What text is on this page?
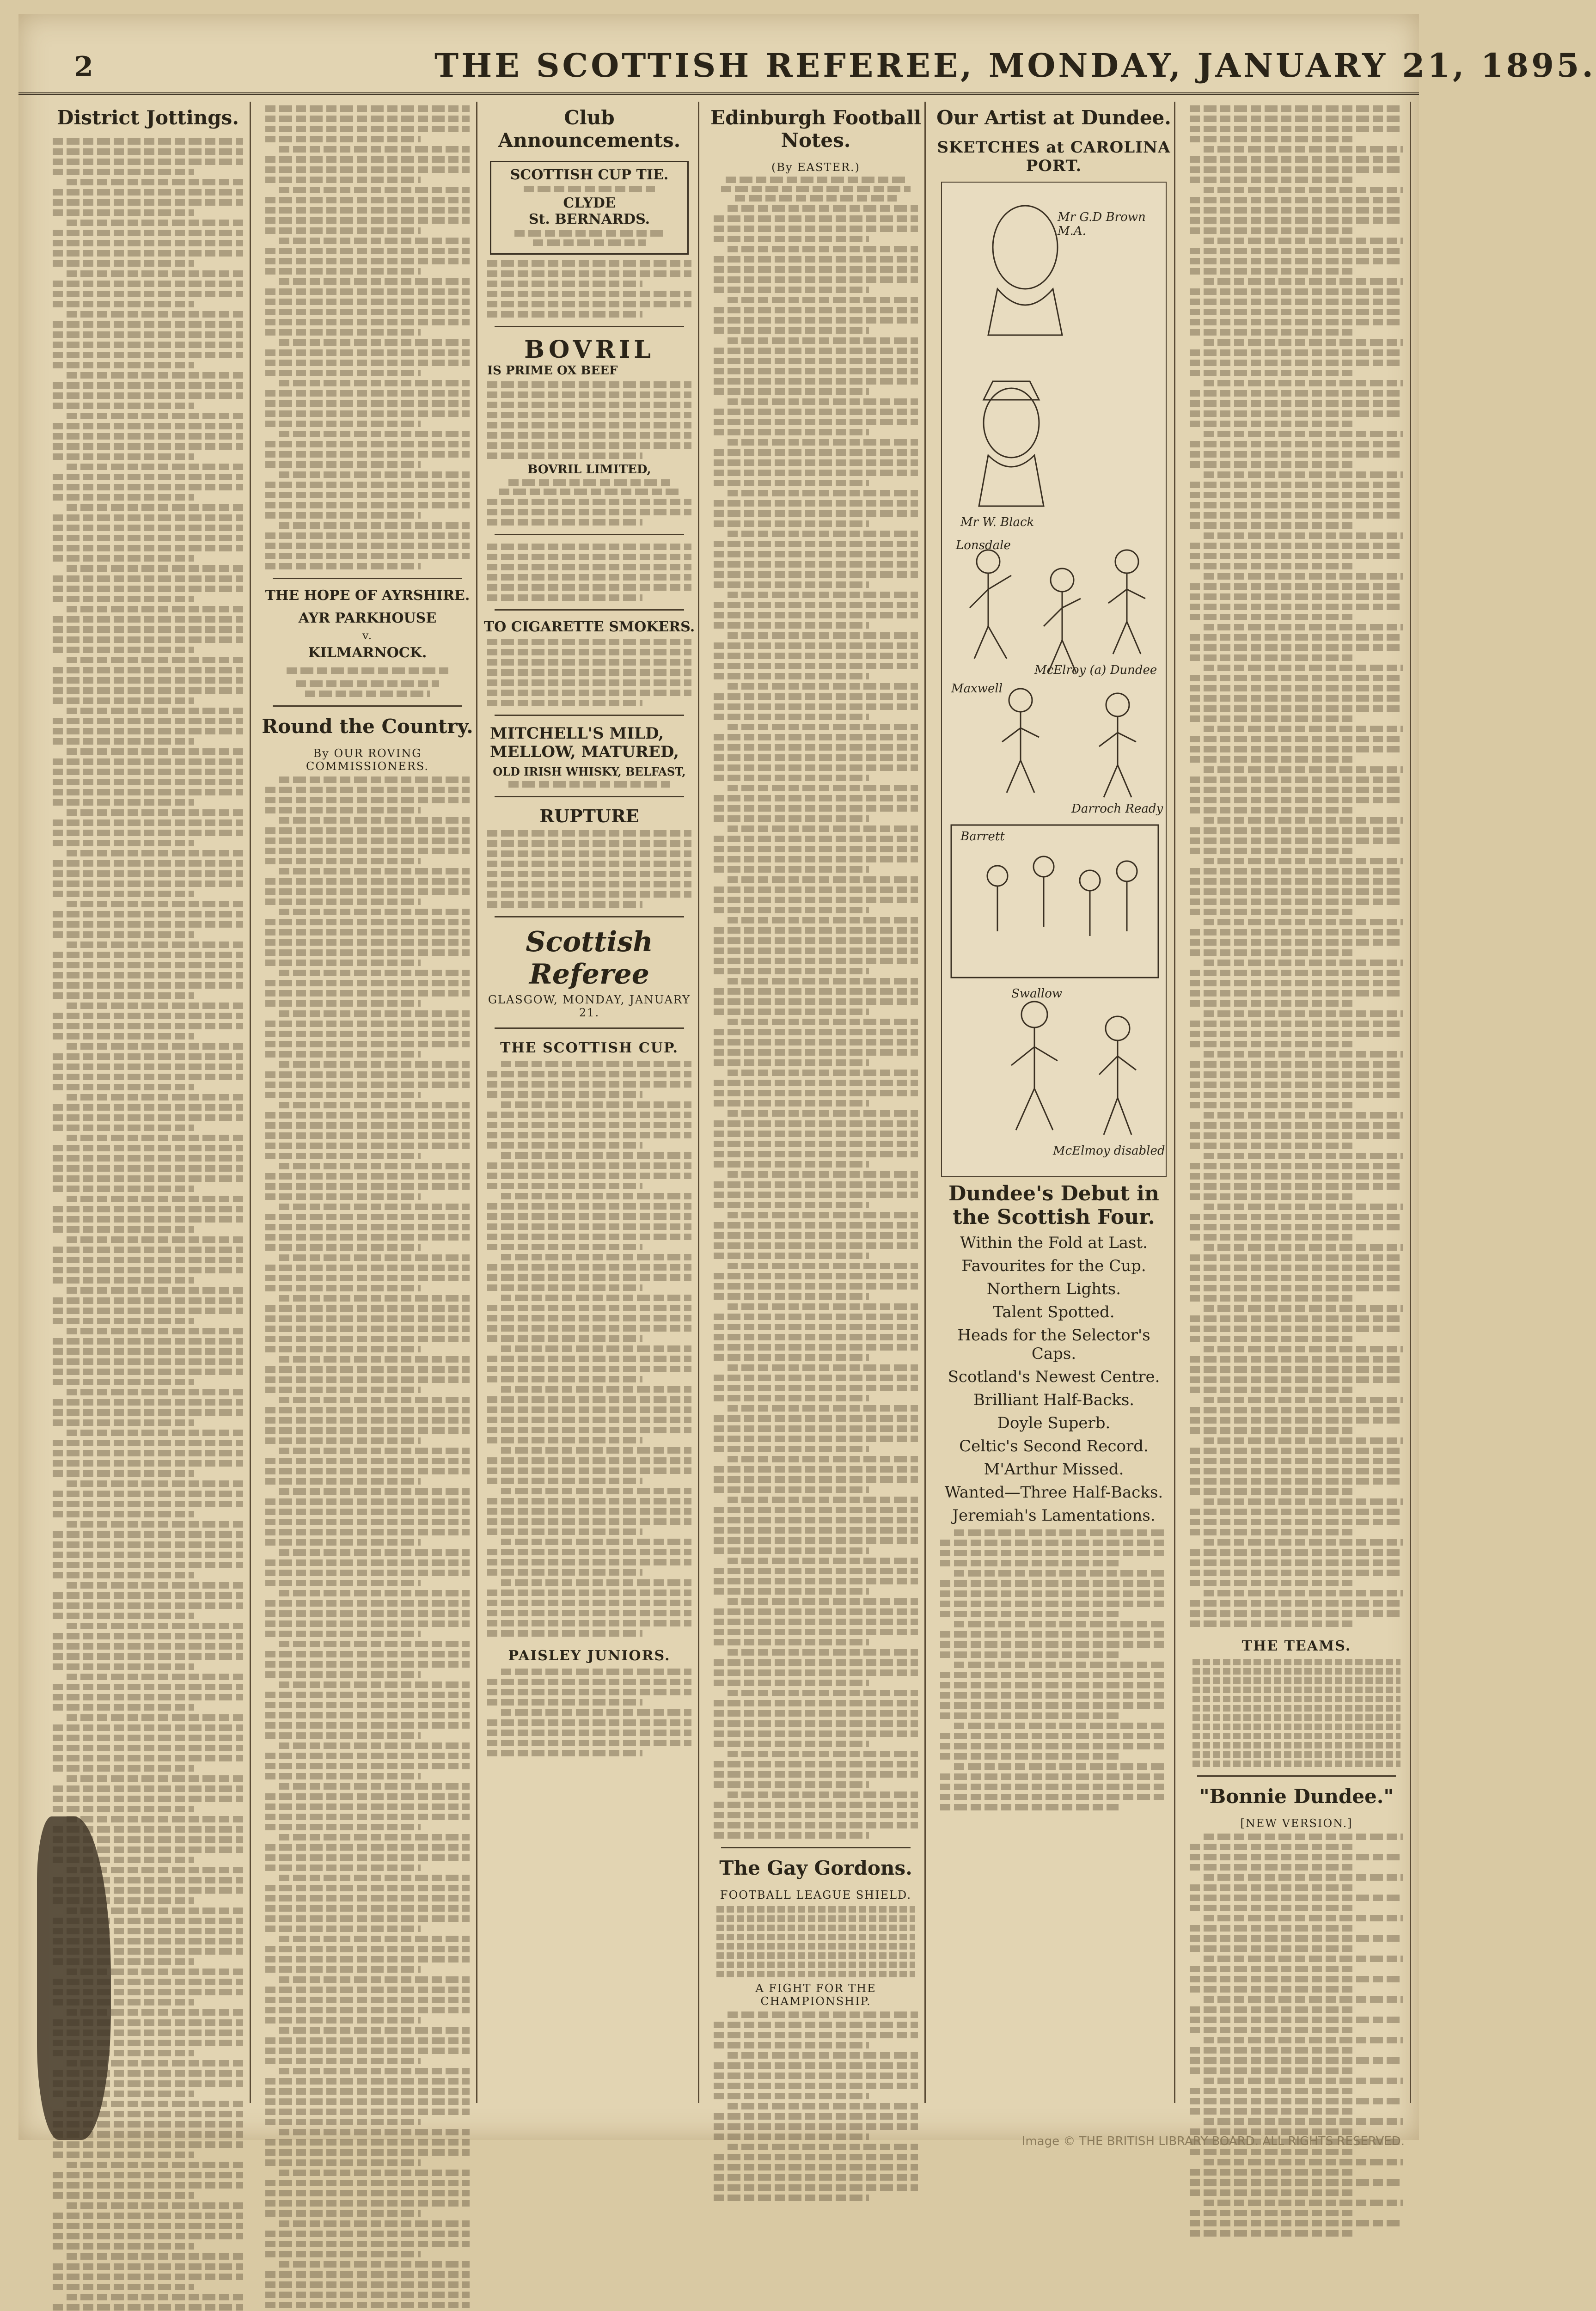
2	THE SCOTTISH REFEREE, MONDAY, JANUARY 21, 1895.
District Jottings.
THE HOPE OF AYRSHIRE.
AYR PARKHOUSE
v.
KILMARNOCK.
Round the Country.
By OUR ROVING COMMISSIONERS.
Club Announcements.
SCOTTISH CUP TIE.
CLYDE
St. BERNARDS.
BOVRIL
IS PRIME OX BEEF
BOVRIL LIMITED,
TO CIGARETTE SMOKERS.
MITCHELL'S MILD, MELLOW, MATURED,
OLD IRISH WHISKY, BELFAST,
RUPTURE
Scottish Referee
GLASGOW, MONDAY, JANUARY 21.
THE SCOTTISH CUP.
PAISLEY JUNIORS.
Edinburgh Football Notes.
(By EASTER.)
The Gay Gordons.
FOOTBALL LEAGUE SHIELD.
A FIGHT FOR THE CHAMPIONSHIP.
Our Artist at Dundee.
SKETCHES at CAROLINA PORT.
Mr G.D Brown M.A.
Mr W. Black
Maxwell
McElroy (a) Dundee
Darroch Ready
Lonsdale
Barrett
Swallow
McElmoy disabled
Dundee's Debut in the Scottish Four.
Within the Fold at Last.
Favourites for the Cup.
Northern Lights.
Talent Spotted.
Heads for the Selector's Caps.
Scotland's Newest Centre.
Brilliant Half-Backs.
Doyle Superb.
Celtic's Second Record.
M'Arthur Missed.
Wanted—Three Half-Backs.
Jeremiah's Lamentations.
THE TEAMS.
"Bonnie Dundee."
[NEW VERSION.]
Image © THE BRITISH LIBRARY BOARD. ALL RIGHTS RESERVED.
